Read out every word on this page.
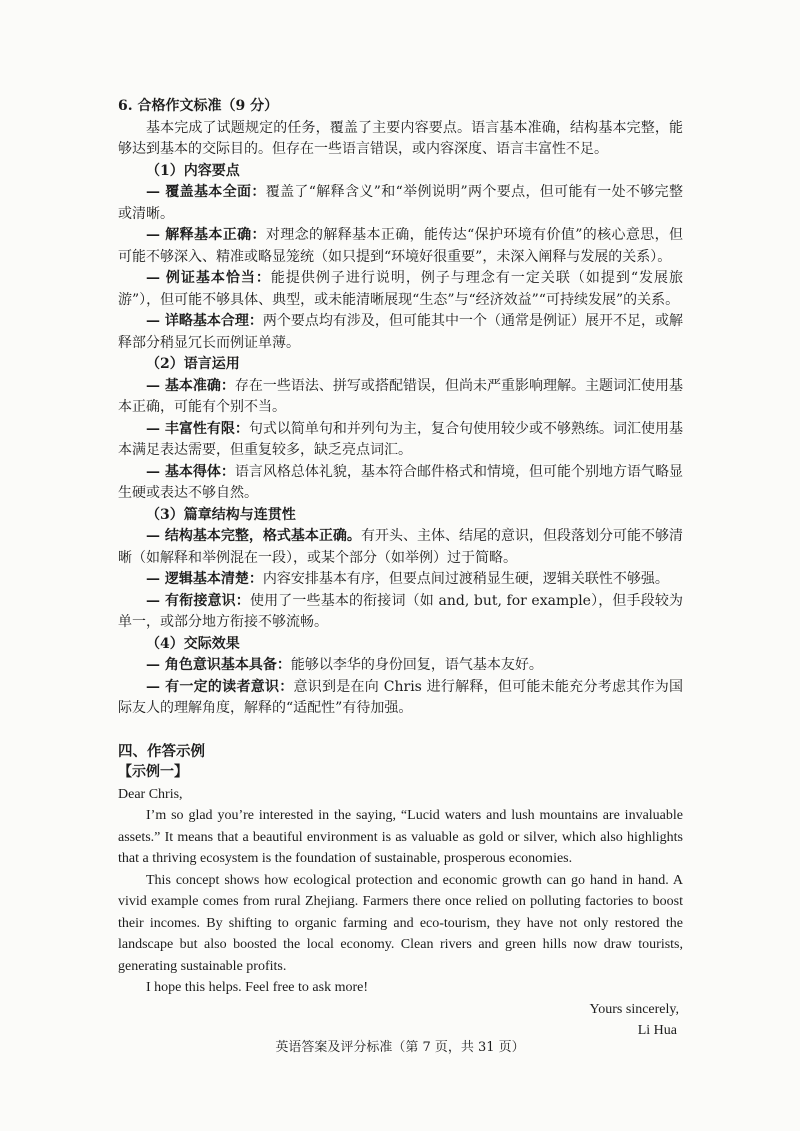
6. 合格作文标准（9 分）

基本完成了试题规定的任务，覆盖了主要内容要点。语言基本准确，结构基本完整，能够达到基本的交际目的。但存在一些语言错误，或内容深度、语言丰富性不足。

（1）内容要点

— 覆盖基本全面：覆盖了“解释含义”和“举例说明”两个要点，但可能有一处不够完整或清晰。

— 解释基本正确：对理念的解释基本正确，能传达“保护环境有价值”的核心意思，但可能不够深入、精准或略显笼统（如只提到“环境好很重要”，未深入阐释与发展的关系）。

— 例证基本恰当：能提供例子进行说明，例子与理念有一定关联（如提到“发展旅游”），但可能不够具体、典型，或未能清晰展现“生态”与“经济效益”“可持续发展”的关系。

— 详略基本合理：两个要点均有涉及，但可能其中一个（通常是例证）展开不足，或解释部分稍显冗长而例证单薄。

（2）语言运用

— 基本准确：存在一些语法、拼写或搭配错误，但尚未严重影响理解。主题词汇使用基本正确，可能有个别不当。

— 丰富性有限：句式以简单句和并列句为主，复合句使用较少或不够熟练。词汇使用基本满足表达需要，但重复较多，缺乏亮点词汇。

— 基本得体：语言风格总体礼貌，基本符合邮件格式和情境，但可能个别地方语气略显生硬或表达不够自然。

（3）篇章结构与连贯性

— 结构基本完整，格式基本正确。有开头、主体、结尾的意识，但段落划分可能不够清晰（如解释和举例混在一段），或某个部分（如举例）过于简略。

— 逻辑基本清楚：内容安排基本有序，但要点间过渡稍显生硬，逻辑关联性不够强。

— 有衔接意识：使用了一些基本的衔接词（如 and, but, for example），但手段较为单一，或部分地方衔接不够流畅。

（4）交际效果

— 角色意识基本具备：能够以李华的身份回复，语气基本友好。

— 有一定的读者意识：意识到是在向 Chris 进行解释，但可能未能充分考虑其作为国际友人的理解角度，解释的“适配性”有待加强。

四、作答示例

【示例一】

Dear Chris,

I’m so glad you’re interested in the saying, “Lucid waters and lush mountains are invaluable assets.” It means that a beautiful environment is as valuable as gold or silver, which also highlights that a thriving ecosystem is the foundation of sustainable, prosperous economies.

This concept shows how ecological protection and economic growth can go hand in hand. A vivid example comes from rural Zhejiang. Farmers there once relied on polluting factories to boost their incomes. By shifting to organic farming and eco-tourism, they have not only restored the landscape but also boosted the local economy. Clean rivers and green hills now draw tourists, generating sustainable profits.

I hope this helps. Feel free to ask more!

Yours sincerely,

Li Hua

英语答案及评分标准（第 7 页，共 31 页）
